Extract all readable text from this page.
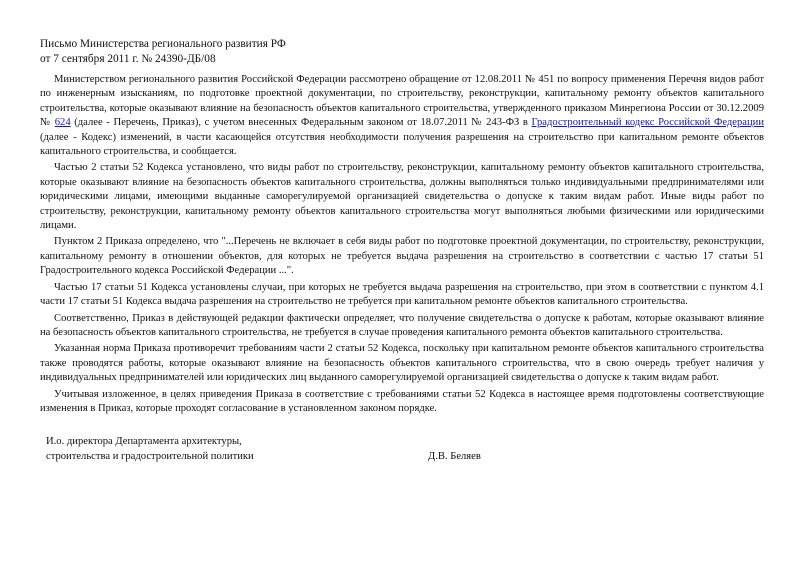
Письмо Министерства регионального развития РФ
от 7 сентября 2011 г. № 24390-ДБ/08

Министерством регионального развития Российской Федерации рассмотрено обращение от 12.08.2011 № 451 по вопросу применения Перечня видов работ по инженерным изысканиям, по подготовке проектной документации, по строительству, реконструкции, капитальному ремонту объектов капитального строительства, которые оказывают влияние на безопасность объектов капитального строительства, утвержденного приказом Минрегиона России от 30.12.2009 № 624 (далее - Перечень, Приказ), с учетом внесенных Федеральным законом от 18.07.2011 № 243-ФЗ в Градостроительный кодекс Российской Федерации (далее - Кодекс) изменений, в части касающейся отсутствия необходимости получения разрешения на строительство при капитальном ремонте объектов капитального строительства, и сообщается.

Частью 2 статьи 52 Кодекса установлено, что виды работ по строительству, реконструкции, капитальному ремонту объектов капитального строительства, которые оказывают влияние на безопасность объектов капитального строительства, должны выполняться только индивидуальными предпринимателями или юридическими лицами, имеющими выданные саморегулируемой организацией свидетельства о допуске к таким видам работ. Иные виды работ по строительству, реконструкции, капитальному ремонту объектов капитального строительства могут выполняться любыми физическими или юридическими лицами.

Пунктом 2 Приказа определено, что "...Перечень не включает в себя виды работ по подготовке проектной документации, по строительству, реконструкции, капитальному ремонту в отношении объектов, для которых не требуется выдача разрешения на строительство в соответствии с частью 17 статьи 51 Градостроительного кодекса Российской Федерации ...".

Частью 17 статьи 51 Кодекса установлены случаи, при которых не требуется выдача разрешения на строительство, при этом в соответствии с пунктом 4.1 части 17 статьи 51 Кодекса выдача разрешения на строительство не требуется при капитальном ремонте объектов капитального строительства.

Соответственно, Приказ в действующей редакции фактически определяет, что получение свидетельства о допуске к работам, которые оказывают влияние на безопасность объектов капитального строительства, не требуется в случае проведения капитального ремонта объектов капитального строительства.

Указанная норма Приказа противоречит требованиям части 2 статьи 52 Кодекса, поскольку при капитальном ремонте объектов капитального строительства также проводятся работы, которые оказывают влияние на безопасность объектов капитального строительства, что в свою очередь требует наличия у индивидуальных предпринимателей или юридических лиц выданного саморегулируемой организацией свидетельства о допуске к таким видам работ.

Учитывая изложенное, в целях приведения Приказа в соответствие с требованиями статьи 52 Кодекса в настоящее время подготовлены соответствующие изменения в Приказ, которые проходят согласование в установленном законом порядке.

И.о. директора Департамента архитектуры,
строительства и градостроительной политики	Д.В. Беляев
